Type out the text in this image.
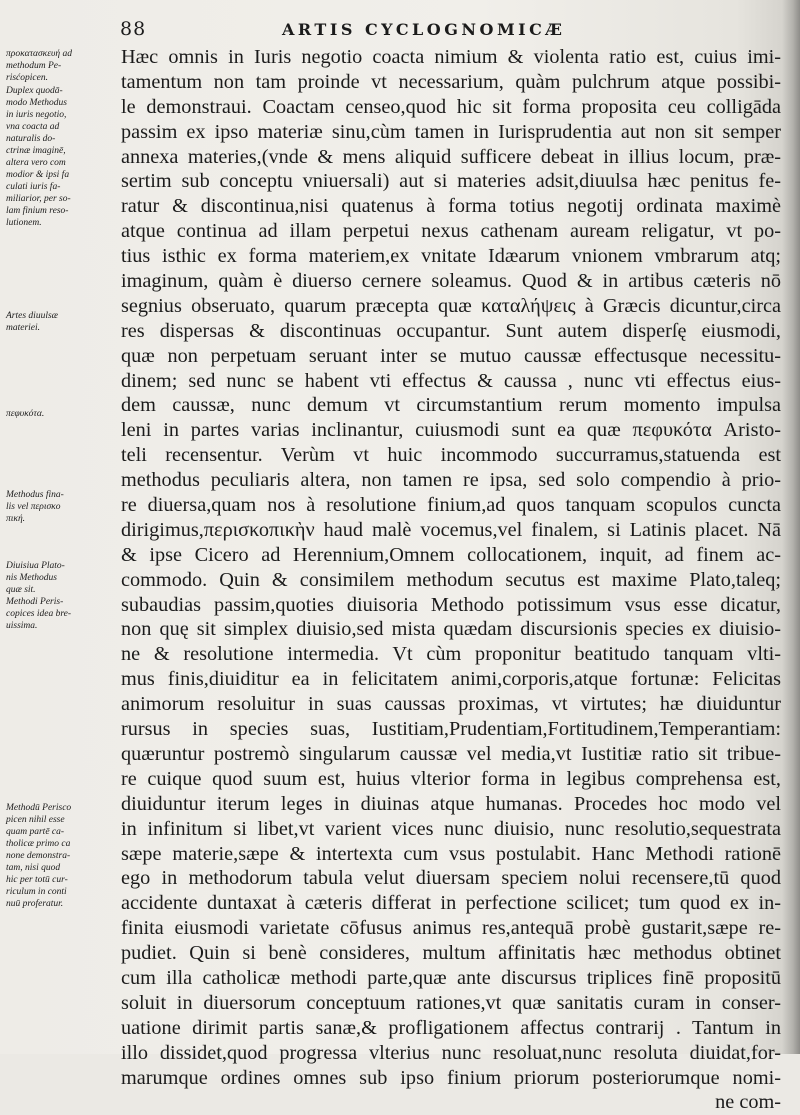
88	ARTIS CYCLOGNOMICÆ
προκατασκευή ad
methodum Pe-
risćopicen.
Duplex quodā-
modo Methodus
in iuris negotio,
vna coacta ad
naturalis do-
ctrinæ imaginē,
altera vero com
modior & ipsi fa
culati iuris fa-
miliarior, per so-
lam finium reso-
lutionem.
Artes diuulsæ
materiei.
πεφυκότα.
Methodus fina-
lis vel περισκο
πική.
Diuisiua Plato-
nis Methodus
quæ sit.
Methodi Peris-
copices idea bre-
uissima.
Methodū Perisco
picen nihil esse
quam partē ca-
tholicæ primo ca
none demonstra-
tam, nisi quod
hic per totū cur-
riculum in conti
nuū proferatur.
Hæc omnis in Iuris negotio coacta nimium & violenta ratio est, cuius imi-
tamentum non tam proinde vt necessarium, quàm pulchrum atque possibi-
le demonstraui. Coactam censeo,quod hic sit forma proposita ceu colligāda
passim ex ipso materiæ sinu,cùm tamen in Iurisprudentia aut non sit semper
annexa materies,(vnde & mens aliquid sufficere debeat in illius locum, præ-
sertim sub conceptu vniuersali) aut si materies adsit,diuulsa hæc penitus fe-
ratur & discontinua,nisi quatenus à forma totius negotij ordinata maximè
atque continua ad illam perpetui nexus cathenam auream religatur, vt po-
tius isthic ex forma materiem,ex vnitate Idæarum vnionem vmbrarum atq;
imaginum, quàm è diuerso cernere soleamus. Quod & in artibus cæteris nō
segnius obseruato, quarum præcepta quæ καταλήψεις à Græcis dicuntur,circa
res dispersas & discontinuas occupantur. Sunt autem disperſę eiusmodi,
quæ non perpetuam seruant inter se mutuo caussæ effectusque necessitu-
dinem; sed nunc se habent vti effectus & caussa , nunc vti effectus eius-
dem caussæ, nunc demum vt circumstantium rerum momento impulsa
leni in partes varias inclinantur, cuiusmodi sunt ea quæ πεφυκότα Aristo-
teli recensentur. Verùm vt huic incommodo succurramus,statuenda est
methodus peculiaris altera, non tamen re ipsa, sed solo compendio à prio-
re diuersa,quam nos à resolutione finium,ad quos tanquam scopulos cuncta
dirigimus,περισκοπικὴν haud malè vocemus,vel finalem, si Latinis placet. Nā
& ipse Cicero ad Herennium,Omnem collocationem, inquit, ad finem ac-
commodo. Quin & consimilem methodum secutus est maxime Plato,taleq;
subaudias passim,quoties diuisoria Methodo potissimum vsus esse dicatur,
non quę sit simplex diuisio,sed mista quædam discursionis species ex diuisio-
ne & resolutione intermedia. Vt cùm proponitur beatitudo tanquam vlti-
mus finis,diuiditur ea in felicitatem animi,corporis,atque fortunæ: Felicitas
animorum resoluitur in suas caussas proximas, vt virtutes; hæ diuiduntur
rursus in species suas, Iustitiam,Prudentiam,Fortitudinem,Temperantiam:
quæruntur postremò singularum caussæ vel media,vt Iustitiæ ratio sit tribue-
re cuique quod suum est, huius vlterior forma in legibus comprehensa est,
diuiduntur iterum leges in diuinas atque humanas. Procedes hoc modo vel
in infinitum si libet,vt varient vices nunc diuisio, nunc resolutio,sequestrata
sæpe materie,sæpe & intertexta cum vsus postulabit. Hanc Methodi rationē
ego in methodorum tabula velut diuersam speciem nolui recensere,tū quod
accidente duntaxat à cæteris differat in perfectione scilicet; tum quod ex in-
finita eiusmodi varietate cōfusus animus res,antequā probè gustarit,sæpe re-
pudiet. Quin si benè consideres, multum affinitatis hæc methodus obtinet
cum illa catholicæ methodi parte,quæ ante discursus triplices finē propositū
soluit in diuersorum conceptuum rationes,vt quæ sanitatis curam in conser-
uatione dirimit partis sanæ,& profligationem affectus contrarij . Tantum in
illo dissidet,quod progressa vlterius nunc resoluat,nunc resoluta diuidat,for-
marumque ordines omnes sub ipso finium priorum posteriorumque nomi-
ne com-
